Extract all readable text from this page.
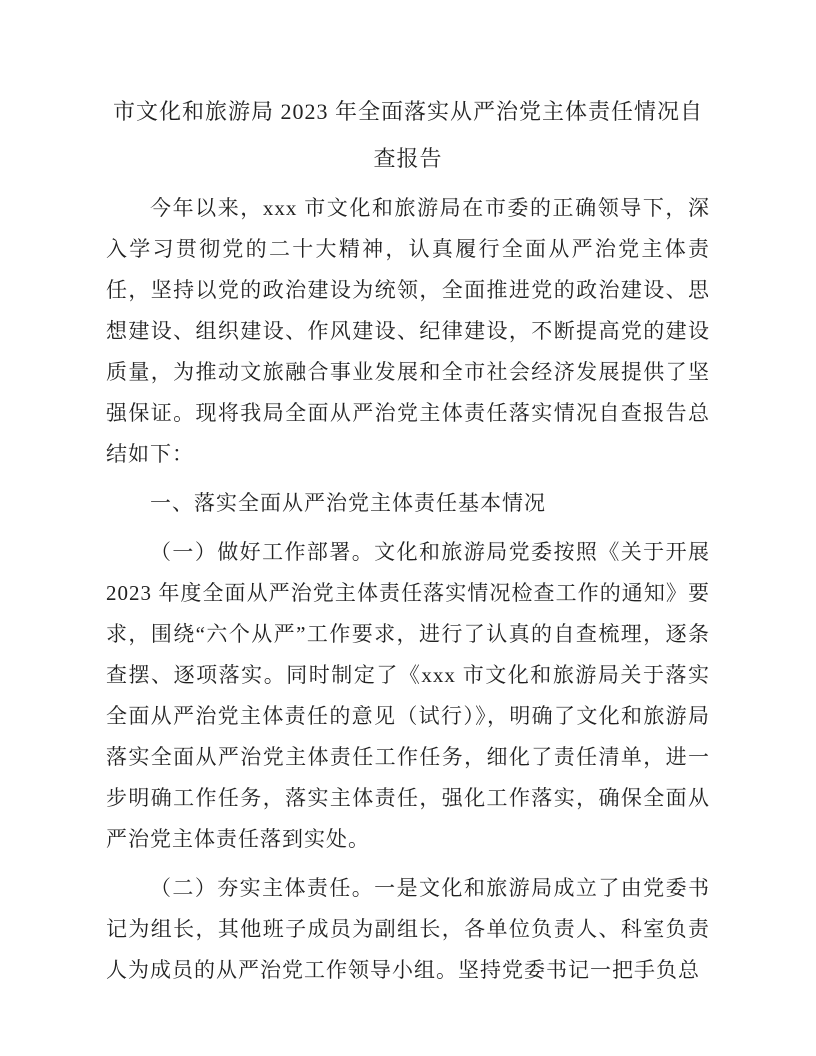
市文化和旅游局 2023 年全面落实从严治党主体责任情况自查报告

今年以来，xxx 市文化和旅游局在市委的正确领导下，深入学习贯彻党的二十大精神，认真履行全面从严治党主体责任，坚持以党的政治建设为统领，全面推进党的政治建设、思想建设、组织建设、作风建设、纪律建设，不断提高党的建设质量，为推动文旅融合事业发展和全市社会经济发展提供了坚强保证。现将我局全面从严治党主体责任落实情况自查报告总结如下：

一、落实全面从严治党主体责任基本情况

（一）做好工作部署。文化和旅游局党委按照《关于开展 2023 年度全面从严治党主体责任落实情况检查工作的通知》要求，围绕“六个从严”工作要求，进行了认真的自查梳理，逐条查摆、逐项落实。同时制定了《xxx 市文化和旅游局关于落实全面从严治党主体责任的意见（试行）》，明确了文化和旅游局落实全面从严治党主体责任工作任务，细化了责任清单，进一步明确工作任务，落实主体责任，强化工作落实，确保全面从严治党主体责任落到实处。

（二）夯实主体责任。一是文化和旅游局成立了由党委书记为组长，其他班子成员为副组长，各单位负责人、科室负责人为成员的从严治党工作领导小组。坚持党委书记一把手负总
